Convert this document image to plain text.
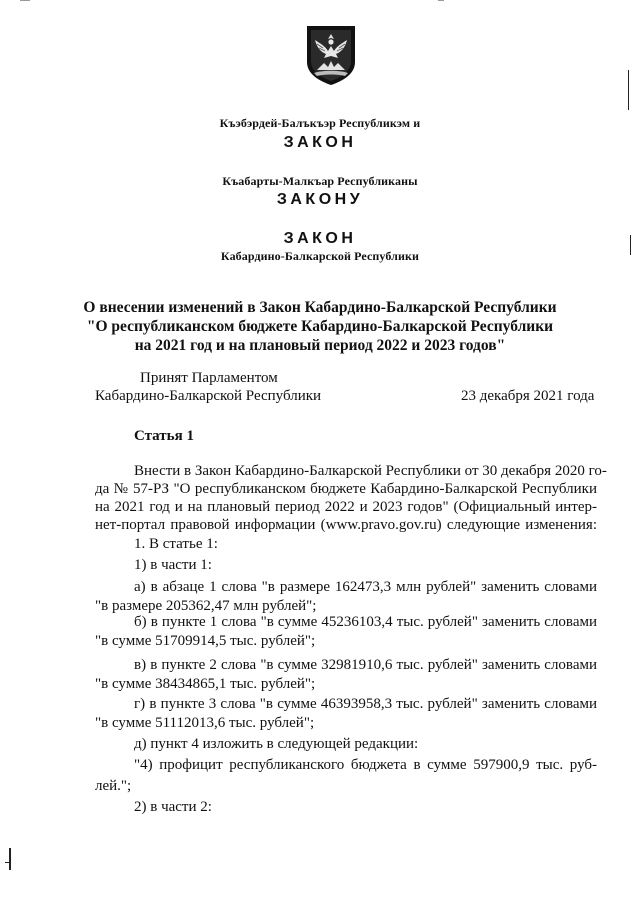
Къэбэрдей-Балъкъэр Республикэм и
ЗАКОН
Къабарты-Малкъар Республиканы
ЗАКОНУ
ЗАКОН
Кабардино-Балкарской Республики
О внесении изменений в Закон Кабардино-Балкарской Республики
"О республиканском бюджете Кабардино-Балкарской Республики
на 2021 год и на плановый период 2022 и 2023 годов"
Принят Парламентом
Кабардино-Балкарской Республики	23 декабря 2021 года
Статья 1
Внести в Закон Кабардино-Балкарской Республики от 30 декабря 2020 го-
да № 57-РЗ "О республиканском бюджете Кабардино-Балкарской Республики
на 2021 год и на плановый период 2022 и 2023 годов" (Официальный интер-
нет-портал правовой информации (www.pravo.gov.ru) следующие изменения:
1. В статье 1:
1) в части 1:
а) в абзаце 1 слова "в размере 162473,3 млн рублей" заменить словами
"в размере 205362,47 млн рублей";
б) в пункте 1 слова "в сумме 45236103,4 тыс. рублей" заменить словами
"в сумме 51709914,5 тыс. рублей";
в) в пункте 2 слова "в сумме 32981910,6 тыс. рублей" заменить словами
"в сумме 38434865,1 тыс. рублей";
г) в пункте 3 слова "в сумме 46393958,3 тыс. рублей" заменить словами
"в сумме 51112013,6 тыс. рублей";
д) пункт 4 изложить в следующей редакции:
"4) профицит республиканского бюджета в сумме 597900,9 тыс. руб-
лей.";
2) в части 2:
